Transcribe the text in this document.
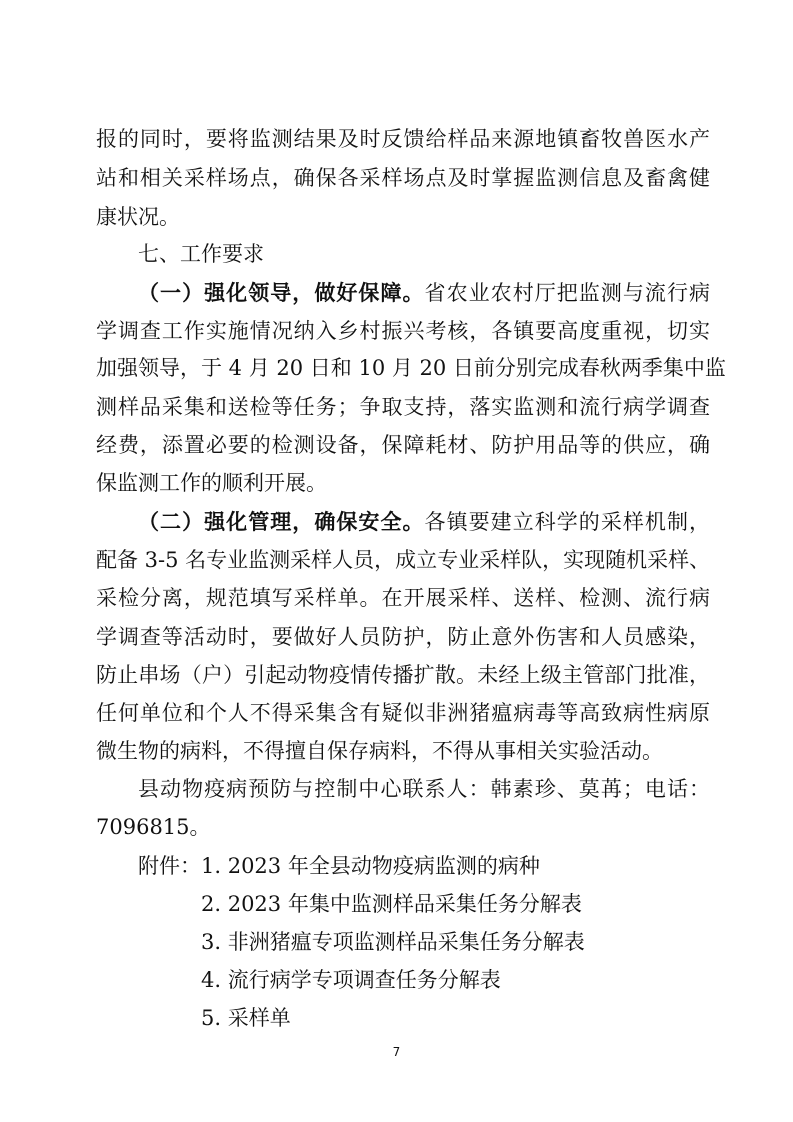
报的同时，要将监测结果及时反馈给样品来源地镇畜牧兽医水产
站和相关采样场点，确保各采样场点及时掌握监测信息及畜禽健
康状况。
七、工作要求
（一）强化领导，做好保障。省农业农村厅把监测与流行病
学调查工作实施情况纳入乡村振兴考核，各镇要高度重视，切实
加强领导，于 4 月 20 日和 10 月 20 日前分别完成春秋两季集中监
测样品采集和送检等任务；争取支持，落实监测和流行病学调查
经费，添置必要的检测设备，保障耗材、防护用品等的供应，确
保监测工作的顺利开展。
（二）强化管理，确保安全。各镇要建立科学的采样机制，
配备 3-5 名专业监测采样人员，成立专业采样队，实现随机采样、
采检分离，规范填写采样单。在开展采样、送样、检测、流行病
学调查等活动时，要做好人员防护，防止意外伤害和人员感染，
防止串场（户）引起动物疫情传播扩散。未经上级主管部门批准，
任何单位和个人不得采集含有疑似非洲猪瘟病毒等高致病性病原
微生物的病料，不得擅自保存病料，不得从事相关实验活动。
县动物疫病预防与控制中心联系人：韩素珍、莫苒；电话：
7096815。
附件： 1. 2023 年全县动物疫病监测的病种
2. 2023 年集中监测样品采集任务分解表
3. 非洲猪瘟专项监测样品采集任务分解表
4. 流行病学专项调查任务分解表
5. 采样单
7
